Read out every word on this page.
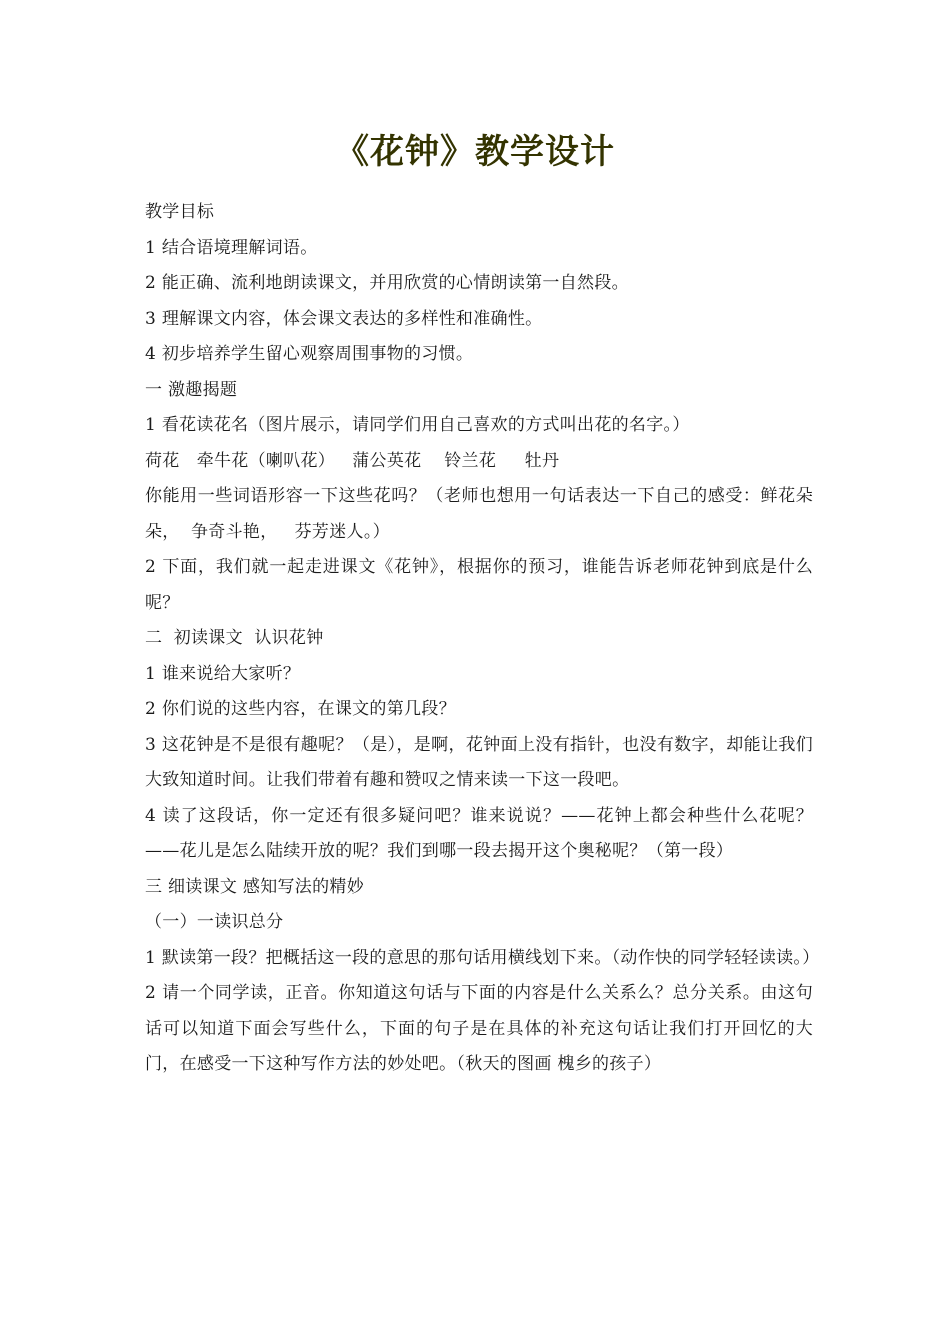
《花钟》教学设计

教学目标

1 结合语境理解词语。

2 能正确、流利地朗读课文，并用欣赏的心情朗读第一自然段。

3 理解课文内容，体会课文表达的多样性和准确性。

4 初步培养学生留心观察周围事物的习惯。

一 激趣揭题

1 看花读花名（图片展示，请同学们用自己喜欢的方式叫出花的名字。）

荷花   牵牛花（喇叭花）   蒲公英花    铃兰花     牡丹

你能用一些词语形容一下这些花吗？（老师也想用一句话表达一下自己的感受：鲜花朵朵，  争奇斗艳，   芬芳迷人。）

2 下面，我们就一起走进课文《花钟》，根据你的预习，谁能告诉老师花钟到底是什么呢？

二  初读课文  认识花钟

1 谁来说给大家听？

2 你们说的这些内容，在课文的第几段？

3 这花钟是不是很有趣呢？（是），是啊，花钟面上没有指针，也没有数字，却能让我们大致知道时间。让我们带着有趣和赞叹之情来读一下这一段吧。

4 读了这段话，你一定还有很多疑问吧？谁来说说？——花钟上都会种些什么花呢？ ——花儿是怎么陆续开放的呢？我们到哪一段去揭开这个奥秘呢？（第一段）

三 细读课文 感知写法的精妙

（一）一读识总分

1 默读第一段？把概括这一段的意思的那句话用横线划下来。（动作快的同学轻轻读读。）

2 请一个同学读，正音。你知道这句话与下面的内容是什么关系么？总分关系。由这句话可以知道下面会写些什么，下面的句子是在具体的补充这句话让我们打开回忆的大门，在感受一下这种写作方法的妙处吧。（秋天的图画 槐乡的孩子）
